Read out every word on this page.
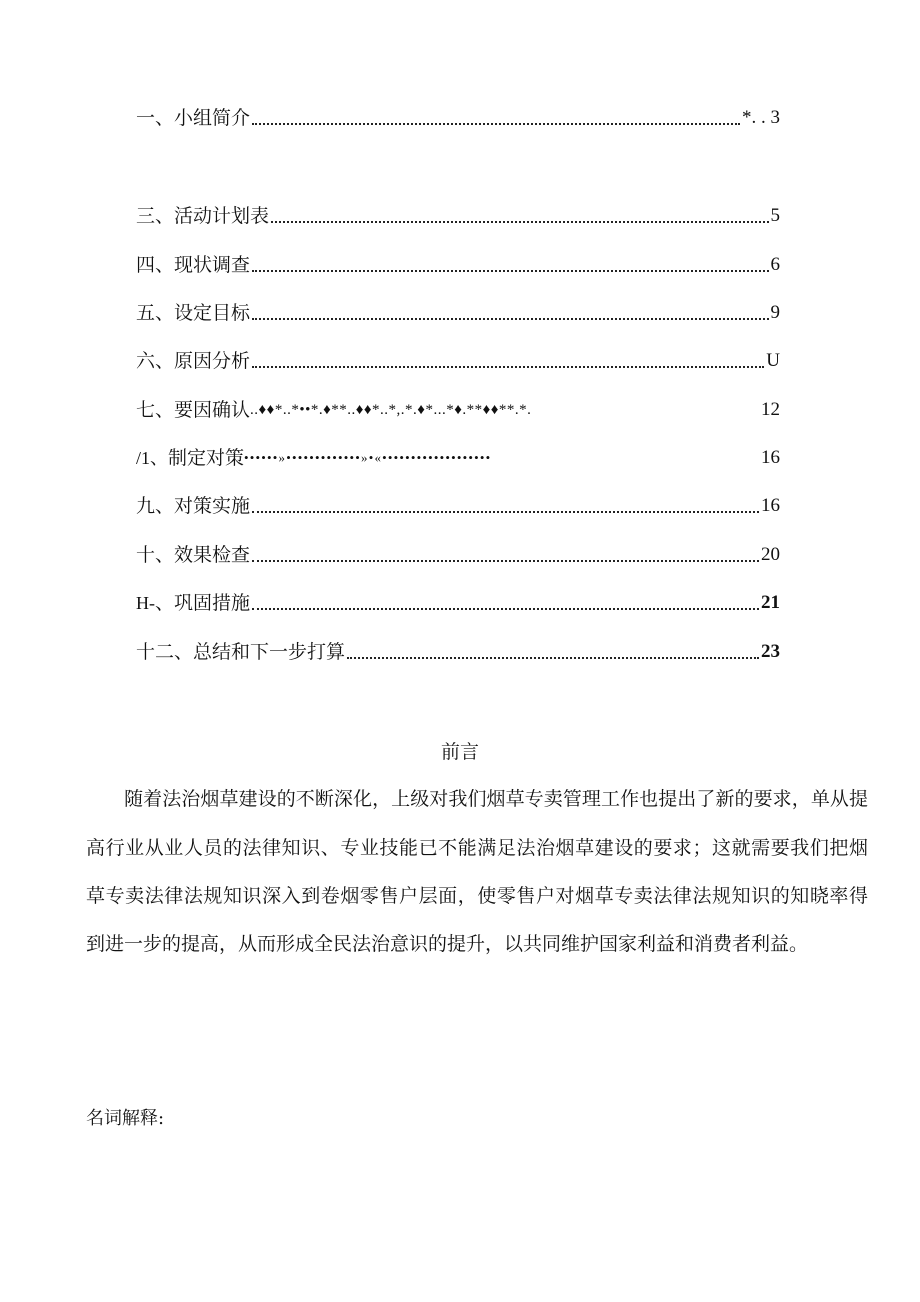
一、小组简介	*. . 3
三、活动计划表	5
四、现状调查	6
五、设定目标	9
六、原因分析	U
七、要因确认 ..♦♦*..*••*.♦**..♦♦*..*,.*.♦*...*♦.**♦♦**.*.	12
/1、 制定对策 ••••••»•••••••••••••»•«•••••••••••••••••••	16
九、对策实施	16
十、效果检查	20
H- 、巩固措施	21
十二、总结和下一步打算	23
前言
随着法治烟草建设的不断深化，上级对我们烟草专卖管理工作也提出了新的要求，单从提
高行业从业人员的法律知识、专业技能已不能满足法治烟草建设的要求；这就需要我们把烟
草专卖法律法规知识深入到卷烟零售户层面，使零售户对烟草专卖法律法规知识的知晓率得
到进一步的提高，从而形成全民法治意识的提升，以共同维护国家利益和消费者利益。
名词解释:
